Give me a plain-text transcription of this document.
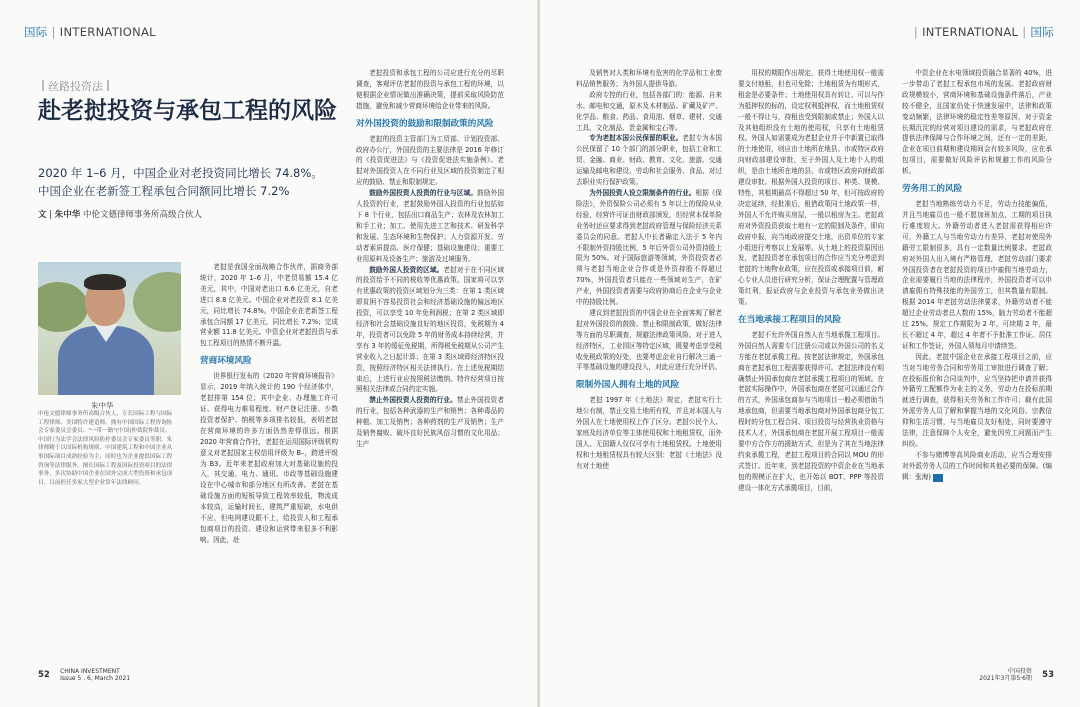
国际 | INTERNATIONAL
丝路投资法
赴老挝投资与承包工程的风险
2020 年 1–6 月，中国企业对老投资同比增长 74.8%。
中国企业在老新签工程承包合同额同比增长 7.2%
文 | 朱中华 中伦文德律师事务所高级合伙人
朱中华
中伦文德律师事务所高级合伙人，专长国际工程与国际工程律师、美国特许建造师。拥有中国国际工程咨询协会专家委员会委员、"一带一路"(中国)仲裁院仲裁员、中国行为法学会法律风险防控委员会专家委员等职。朱律师精于以国际机构规则、中国建筑工程和中国企业从事国际项目成熟经验为主，同时也为企业提供国际工程咨询等法律服务。擅长国际工程及国际投资项目的法律事务，多次协助中国企业在国外完成大型投资和承包项目，目前担任多家大型企业常年法律顾问。

老挝是我国全面战略合作伙伴，据商务部统计，2020 年 1–6 月，中老贸易额 15.4 亿美元，其中，中国对老出口 6.6 亿美元，自老进口 8.8 亿美元。中国企业对老投资 8.1 亿美元，同比增长 74.8%。中国企业在老新签工程承包合同额 17 亿美元，同比增长 7.2%；完成营业额 11.8 亿美元。中资企业对老挝投资与承包工程项目的热情不断升温。

营商环境风险

世界银行发布的《2020 年营商环境报告》显示，2019 年纳入统计的 190 个经济体中，老挝排第 154 位；其中企业、办理施工许可证、获得电力难易程度、财产登记注册、少数投资者保护、纳税等多项排名较低，表明老挝在营商环境的许多方面仍然差得很远。根据 2020 年营商合作社，老挝在运用国际评级机构意义对老挝国家主权信用评级为 B–，跨进评级为 B3。近年来老挝政府加大对基础设施的投入，其交通、电力、通讯、市政等基础设施建设在中心城市和部分地区有所改善。老挝在基础设施方面的短板导致工程效率较低，物流成本较高，运输时间长，建筑严重短缺，水电供不应，但电网建设跟不上，给投资人和工程承包商项目的投资、建设和运营带来很多不利影响。因此，赴

老挝投资和承包工程的公司应进行充分的尽职调查，客观评估老挝的投资与承包工程的环境，以便根据企业情况做出准确决策，提前采取风险防范措施，避免和减少营商环境给企业带来的风险。

对外国投资的鼓励和限制政策的风险

老挝的投资主管部门为工贸部、计划投资部、政府办公厅，外国投资的主要法律是 2016 年修订的《投资促进法》与《投资促进法实施条例》。老挝对外国投资人在不同行业及区域的投资制定了相应的鼓励、禁止和限制规定。

鼓励外国投资人投资的行业与区域。鼓励外国人投资的行业，老挝鼓励外国人投资的行业包括如下 8 个行业，包括出口商品生产；农林及农林加工和手工业；加工、使用先进工艺和技术、研发科学和发展、生态环境和生物保护；人力资源开发、劳动者素质提高、医疗保健；基础设施建设；重要工业用原料及设备生产；旅游及过境服务。

鼓励外国人投资的区域。老挝对于在不同区域的投资给予不同的税收等优惠政策。国家将可以享有优惠政策的投资区域划分为三类：在第 1 类区域即贫困不容易投资社会和经济基础设施的偏远地区投资，可以享受 10 年免利润税；在第 2 类区域即经济和社会基础设施良好的地区投资，免税期为 4 年，投资者可以免除 5 年的财务成本持续经营，并享有 3 年的缓征免税期，所得税免税期从公司产生营业收入之日起计算；在第 3 类区域即经济特区投资，按照经济特区相关法律执行。在上述免税期结束后，上述行业应按照税法缴纳。特许经营项目按照相关法律或合同约定实施。

禁止外国投资人投资的行业。禁止外国投资者的行业，包括各种武器的生产和销售；各种毒品的种植、加工及销售；各种药剂的生产及销售；生产及销售腐败、破坏良好民族风俗习惯的文化用品；生产

52 CHINA INVESTMENT
Issue 5 . 6, March 2021
| INTERNATIONAL | 国际

及销售对人类和环境有危害的化学品和工业废料品销售服务；为外国人提供导游。

政府专控的行业，包括各部门的：能源、自来水、邮电和交通，原木及木材制品、矿藏及矿产、化学品、粮食、药品、食用油、烟草、建材、交通工具、文化制品、贵金属和宝石等。

专为老挝本国公民保留的职业。老挝专为本国公民保留了 10 个部门的部分职业，包括工业和工贸、金融、商业、财政、教育、文化、旅游、交通运输及邮电和建设、劳动和社会服务、食品、对过去职业实行保护政策。

为外国投资人设立限制条件的行业。根据《保险法》，外资保险公司必须有 5 年以上的保险从业经验，经营许可证由财政部颁发，但经营本保单险业务时还应要求得到老挝政府管理与保险经济关系委员会的同意。老挝人中长者确定入法于 5 年内不限制外资持股比例，5 年后外资公司外资持股上限为 50%。对于国际旅游等领域，外资投资者必须与老挝当地企业合作或是外资持股不得超过 70%，外国投资者只能在一些领域对生产，在矿产业，外国投资者需要与政府协商后在企业与企业中的持股比例。

建议到老挝投资的中国企业在全面客观了解老挝对外国投资的鼓励、禁止和限制政策，做好法律等方面的尽职调查，规避法律政策风险。对于进入经济特区，工业园区等特定区域，既要考虑享受税收免税政策的好处，也要考虑企业自行解决三通一平等基础设施的建设投入，对此应进行充分评估。

限制外国人拥有土地的风险

老挝 1997 年《土地法》规定，老挝实行土地公有制，禁止交易土地所有权，并且对本国人与外国人在土地使用权上作了区分。老挝公民个人、家庭及经济单位等主体使用权和土地租赁权，而外国人、无国籍人仅仅可享有土地租赁权。土地使用权和土地租赁权具有较大区别：老挝《土地法》没有对土地使

用权的期限作出规定，获得土地使用权一般需要支付地租，但也可免除；土地租赁为有期形式，租金是必要条件；土地使用权具有转让、可以与作为抵押权的标的，设定权利抵押权，而土地租赁权一般不得让与，持租也受到限制或禁止；外国人以及其他组织没有土地的使用权，只享有土地租赁权。外国人如需要成为老挝企业并于中新置已取得的土地使用，则应由土地所在地县、市或特区政府向财政部建设审批，至于外国人及土地个人的组织，是由土地所在地的县、市或特区政府向财政部建设审批。根据外国人投资的项目、种类、规模、特性，其租期最高不得超过 50 年，但可按政府的决定延续，经批准后，租借政策同土地政策一样，外国人不允许购买房屋，一般以租房为主。老挝政府对外资投资获取土地有一定的限制及条件，即向政府申报，向当地政府提交土地，出资单位的专家小组进行考察以上发展等。从土地上的投资原因出发，老挝投资者在承包项目的合作应当充分考虑到老挝的土地物业政策，应在投资或承接项目前，耐心专业人员进行研究分析，保证合理配置与管理政策红利，报证政府与企业投资与承包业务做出决策。

在当地承接工程项目的风险

老挝不允许外国自然人在当地承揽工程项目。外国自然人需要专门注册公司或以外国公司的名义方能在老挝承揽工程。按老挝法律规定，外国承包商在老挝承包工程需要获得许可。老挝法律没有明确禁止外国承包商在老挝承揽工程项目的领域。在老挝实际操作中，外国承包商在老挝可以通过合作的方式，外国承包商参与当地项目一般必须借助当地承包商，但需要当地承包商对外国承包商分包工程时的分包工程合同、项目投资与经营执业资格与技术人才，外国承包商在老挝开展工程项目一般需要中方合作方的援助方式，但是为了其在当地法律约束承揽工程，老挝工程项目的合同以 MOU 的形式签订。近年来，到老挝投资的中资企业在当地承包的规模正在扩大，也开始以 BOT、PPP 等投资建设一体化方式承揽项目，目前，

中资企业在水电领域投资融合显著的 40%，进一步带动了老挝工程承包市场的发展。老挝政府财政规模较小，营商环境和基础设施条件落后，产业较不健全，且国家仍处于快速发展中，法律和政策变动频繁，法律环境的稳定性差等原因，对于资金长期沉淀的经营对项目建设的需求，与老挝政府在提供法律保障与合作环境之间，还有一定的差距，企业在项目前期和建设期间会有较多风险，应在承包项目，需要做好风险评估和规避工作的风险分析。

劳务用工的风险

老挝当地熟练劳动力不足，劳动力技能偏低，并且当地雇员也一般不愿加班加点，工期的项目执行难度较大。外籍劳动者进入老挝需获得相应许可，外籍工人与当地劳动力有差异，老挝对使用外籍劳工限制很多，具有一定数量比例要求。老挝政府对外国人出入境有严格管理，老挝劳动部门要求外国投资者在老挝投资的项目中雇佣当地劳动力，企业需要履行当地的法律程序，外国投资者可以申请雇佣有特殊技能的外国劳工，但其数量有限制。根据 2014 年老挝劳动法律要求，外籍劳动者不能超过企业劳动者总人数的 15%，脑力劳动者不能超过 25%。规定工作期限为 2 年，可续期 2 年，最长不超过 4 年，超过 4 年者不予批准工作证。居住证和工作签证，外国人须每月申请续签。

因此，老挝中国企业在承接工程项目之前，应当对当地劳务合同和劳务用工审批进行调查了解；在投标报价和合同谈判中，应当坚持把申请并获得外籍劳工配额作为业主的义务，劳动力在投标前期就进行调查，获得相关劳务和工作许可；载有此国外派劳务人员了解和掌握当地的文化风俗、宗教信仰和生活习惯，与当地雇员友好相处，同时要遵守法律，注意保障个人安全，避免因劳工问题而产生纠纷。

不参与赌博等高风险商业活动，应当合理安排对外派劳务人员的工作时间和其他必要的保障。(编辑：张海)	IC

中国投资
2021年3月第5·6期 53
